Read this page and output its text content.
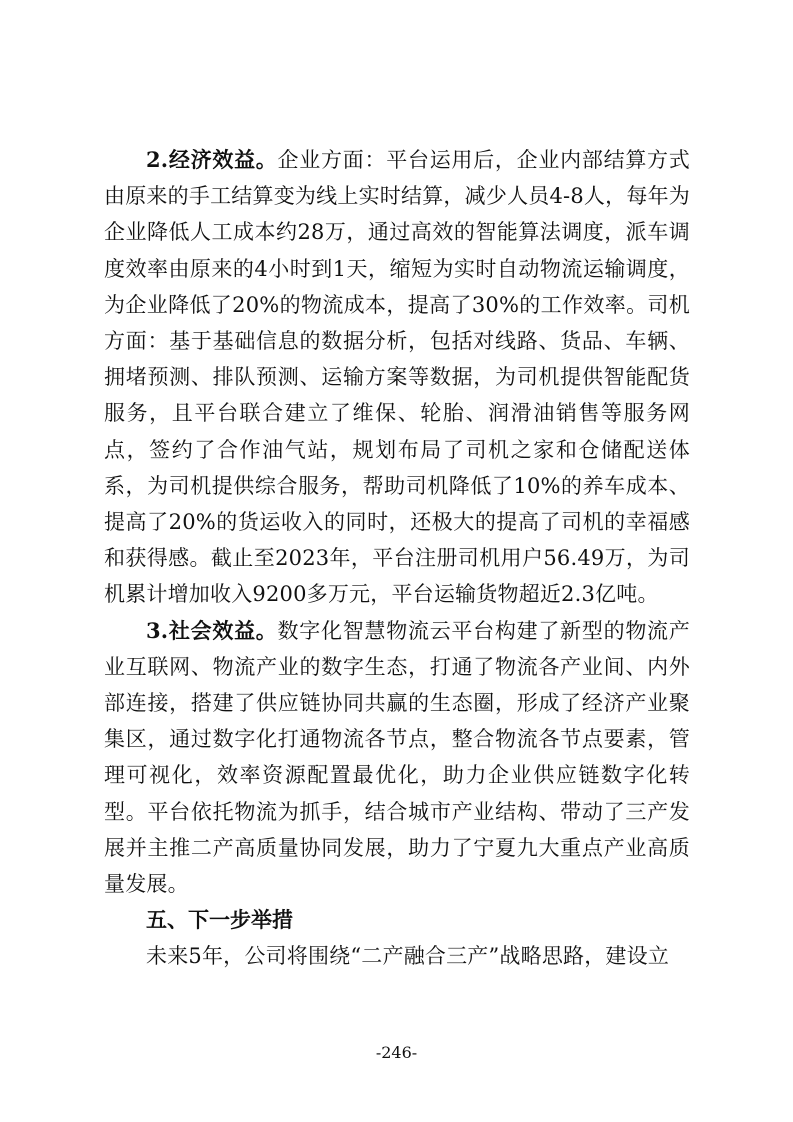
2.经济效益。企业方面：平台运用后，企业内部结算方式由原来的手工结算变为线上实时结算，减少人员4-8人，每年为企业降低人工成本约28万，通过高效的智能算法调度，派车调度效率由原来的4小时到1天，缩短为实时自动物流运输调度，为企业降低了20%的物流成本，提高了30%的工作效率。司机方面：基于基础信息的数据分析，包括对线路、货品、车辆、拥堵预测、排队预测、运输方案等数据，为司机提供智能配货服务，且平台联合建立了维保、轮胎、润滑油销售等服务网点，签约了合作油气站，规划布局了司机之家和仓储配送体系，为司机提供综合服务，帮助司机降低了10%的养车成本、提高了20%的货运收入的同时，还极大的提高了司机的幸福感和获得感。截止至2023年，平台注册司机用户56.49万，为司机累计增加收入9200多万元，平台运输货物超近2.3亿吨。

3.社会效益。数字化智慧物流云平台构建了新型的物流产业互联网、物流产业的数字生态，打通了物流各产业间、内外部连接，搭建了供应链协同共赢的生态圈，形成了经济产业聚集区，通过数字化打通物流各节点，整合物流各节点要素，管理可视化，效率资源配置最优化，助力企业供应链数字化转型。平台依托物流为抓手，结合城市产业结构、带动了三产发展并主推二产高质量协同发展，助力了宁夏九大重点产业高质量发展。

五、下一步举措

未来5年，公司将围绕“二产融合三产”战略思路，建设立

-246-
